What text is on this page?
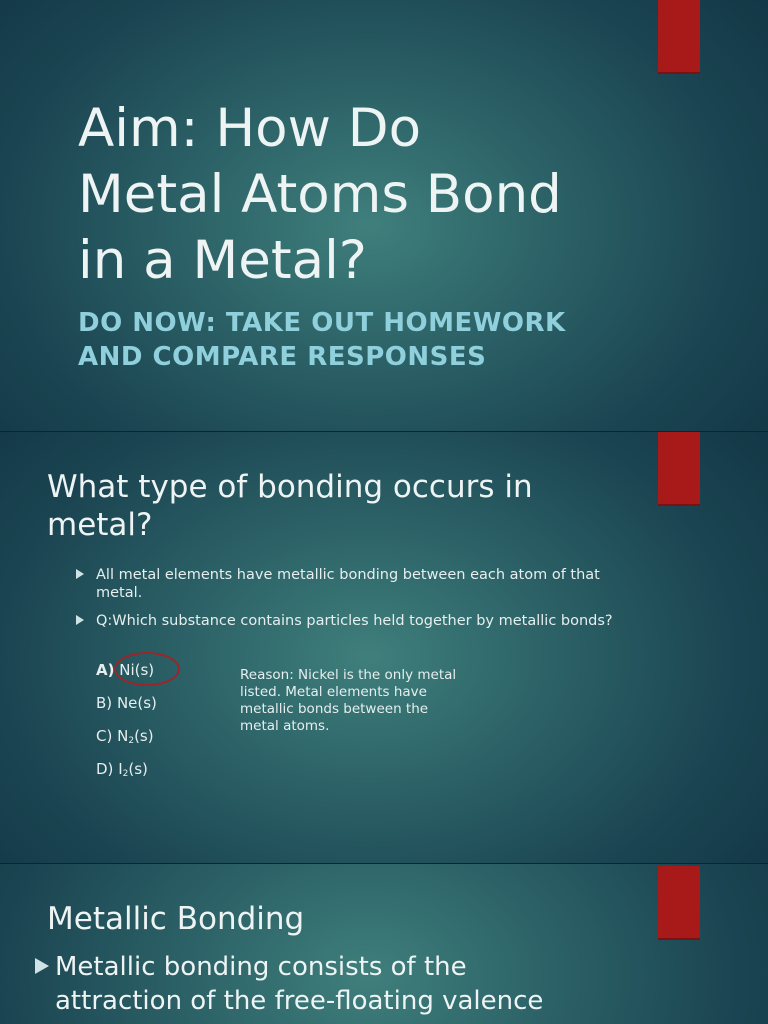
Aim: How Do
Metal Atoms Bond
in a Metal?
DO NOW: TAKE OUT HOMEWORK
AND COMPARE RESPONSES
What type of bonding occurs in
metal?
All metal elements have metallic bonding between each atom of that metal.
Q:Which substance contains particles held together by metallic bonds?
A) Ni(s)
B) Ne(s)
C) $N_2(s)$
D) $I_2(s)$
Reason: Nickel is the only metal listed. Metal elements have metallic bonds between the metal atoms.
Metallic Bonding
Metallic bonding consists of the
attraction of the free-floating valence
